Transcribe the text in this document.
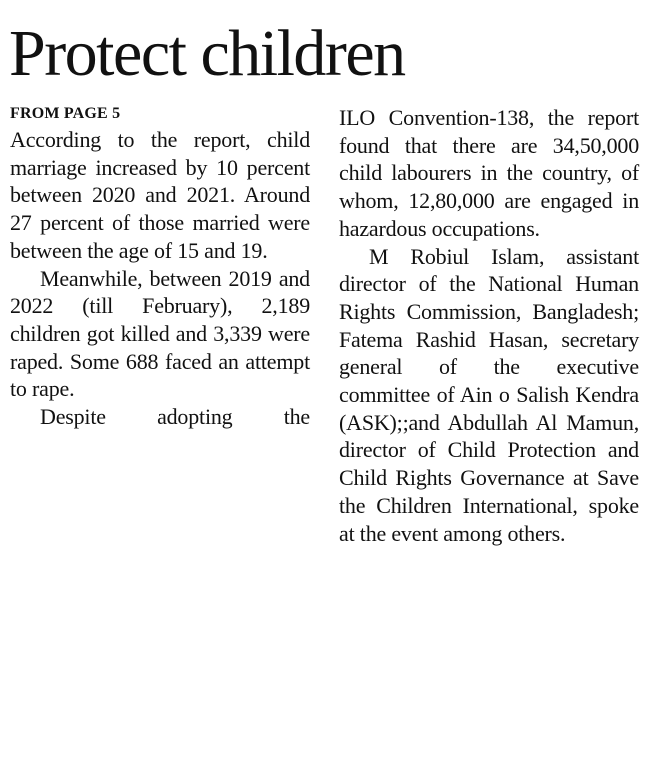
Protect children
FROM PAGE 5

According to the report, child marriage increased by 10 percent between 2020 and 2021. Around 27 percent of those married were between the age of 15 and 19.

Meanwhile, between 2019 and 2022 (till February), 2,189 children got killed and 3,339 were raped. Some 688 faced an attempt to rape.

Despite adopting the

ILO Convention-138, the report found that there are 34,50,000 child labourers in the country, of whom, 12,80,000 are engaged in hazardous occupations.

M Robiul Islam, assistant director of the National Human Rights Commission, Bangladesh; Fatema Rashid Hasan, secretary general of the executive committee of Ain o Salish Kendra (ASK);;and Abdullah Al Mamun, director of Child Protection and Child Rights Governance at Save the Children International, spoke at the event among others.
